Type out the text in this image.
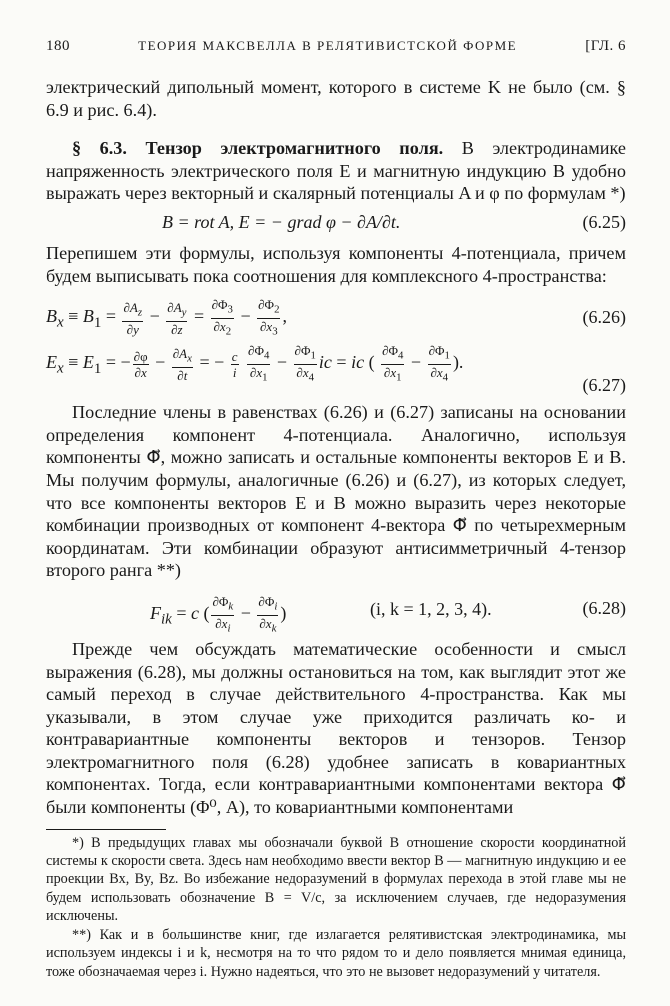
180	ТЕОРИЯ МАКСВЕЛЛА В РЕЛЯТИВИСТСКОЙ ФОРМЕ	[ГЛ. 6

электрический дипольный момент, которого в системе K не было (см. § 6.9 и рис. 6.4).

§ 6.3. Тензор электромагнитного поля. В электродинамике напряженность электрического поля E и магнитную индукцию B удобно выражать через векторный и скалярный потенциалы A и φ по формулам *)

B = rot A, E = − grad φ − ∂A/∂t.	(6.25)

Перепишем эти формулы, используя компоненты 4-потенциала, причем будем выписывать пока соотношения для комплексного 4-пространства:

$B_x \equiv B_1 = \frac{\partial A_z}{\partial y} - \frac{\partial A_y}{\partial z} = \frac{\partial\Phi_3}{\partial x_2} - \frac{\partial\Phi_2}{\partial x_3}$ ,	(6.26)
$E_x \equiv E_1$ = − $\frac{\partial\varphi}{\partial x} - \frac{\partial A_x}{\partial t}$ = − $\frac{c}{i}$
$\frac{\partial\Phi_4}{\partial x_1} - \frac{\partial\Phi_1}{\partial x_4}$ ic = ic ( $\frac{\partial\Phi_4}{\partial x_1} - \frac{\partial\Phi_1}{\partial x_4}$ ).
(6.27)

Последние члены в равенствах (6.26) и (6.27) записаны на основании определения компонент 4-потенциала. Аналогично, используя компоненты Φ⃗, можно записать и остальные компоненты векторов E и B. Мы получим формулы, аналогичные (6.26) и (6.27), из которых следует, что все компоненты векторов E и B можно выразить через некоторые комбинации производных от компонент 4-вектора Φ⃗ по четырехмерным координатам. Эти комбинации образуют антисимметричный 4-тензор второго ранга **)

$F_{ik} = c$ ( $\frac{\partial\Phi_k}{\partial x_i} - \frac{\partial\Phi_i}{\partial x_k}$ )	(i, k = 1, 2, 3, 4).	(6.28)

Прежде чем обсуждать математические особенности и смысл выражения (6.28), мы должны остановиться на том, как выглядит этот же самый переход в случае действительного 4-пространства. Как мы указывали, в этом случае уже приходится различать ко- и контравариантные компоненты векторов и тензоров. Тензор электромагнитного поля (6.28) удобнее записать в ковариантных компонентах. Тогда, если контравариантными компонентами вектора Φ⃗ были компоненты (Φ⁰, A), то ковариантными компонентами

*) В предыдущих главах мы обозначали буквой B отношение скорости координатной системы к скорости света. Здесь нам необходимо ввести вектор B — магнитную индукцию и ее проекции Bx, By, Bz. Во избежание недоразумений в формулах перехода в этой главе мы не будем использовать обозначение B = V/c, за исключением случаев, где недоразумения исключены.

**) Как и в большинстве книг, где излагается релятивистская электродинамика, мы используем индексы i и k, несмотря на то что рядом то и дело появляется мнимая единица, тоже обозначаемая через i. Нужно надеяться, что это не вызовет недоразумений у читателя.
